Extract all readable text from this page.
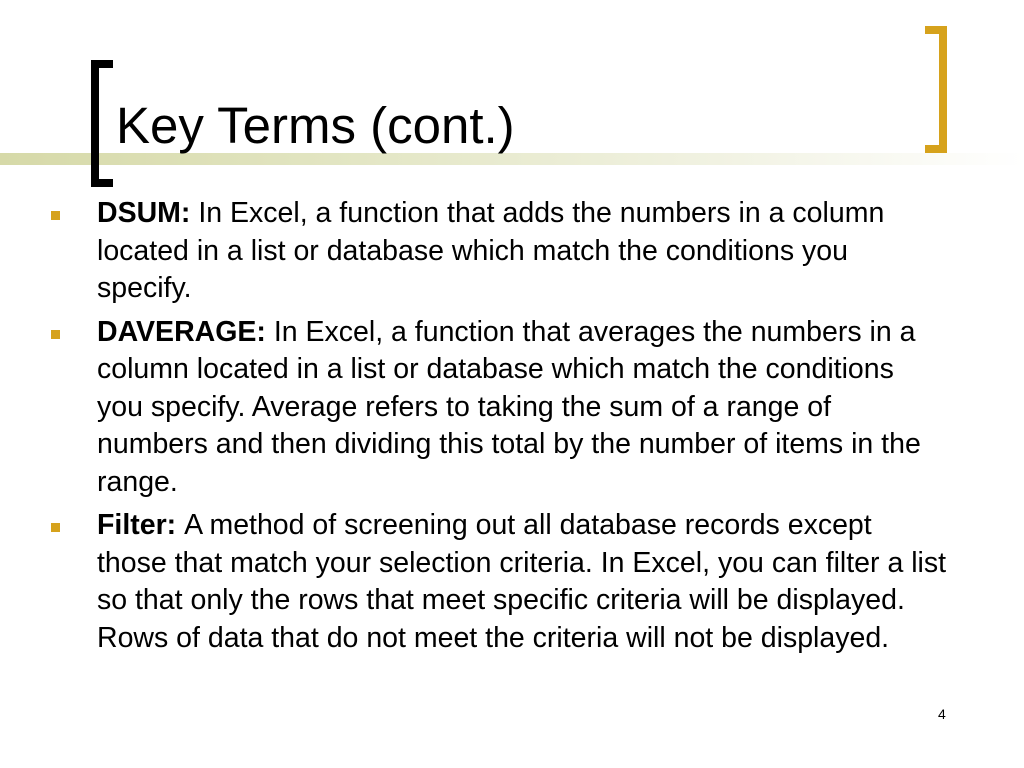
Key Terms (cont.)
DSUM: In Excel, a function that adds the numbers in a column located in a list or database which match the conditions you specify.
DAVERAGE: In Excel, a function that averages the numbers in a column located in a list or database which match the conditions you specify. Average refers to taking the sum of a range of numbers and then dividing this total by the number of items in the range.
Filter: A method of screening out all database records except those that match your selection criteria. In Excel, you can filter a list so that only the rows that meet specific criteria will be displayed. Rows of data that do not meet the criteria will not be displayed.
4
